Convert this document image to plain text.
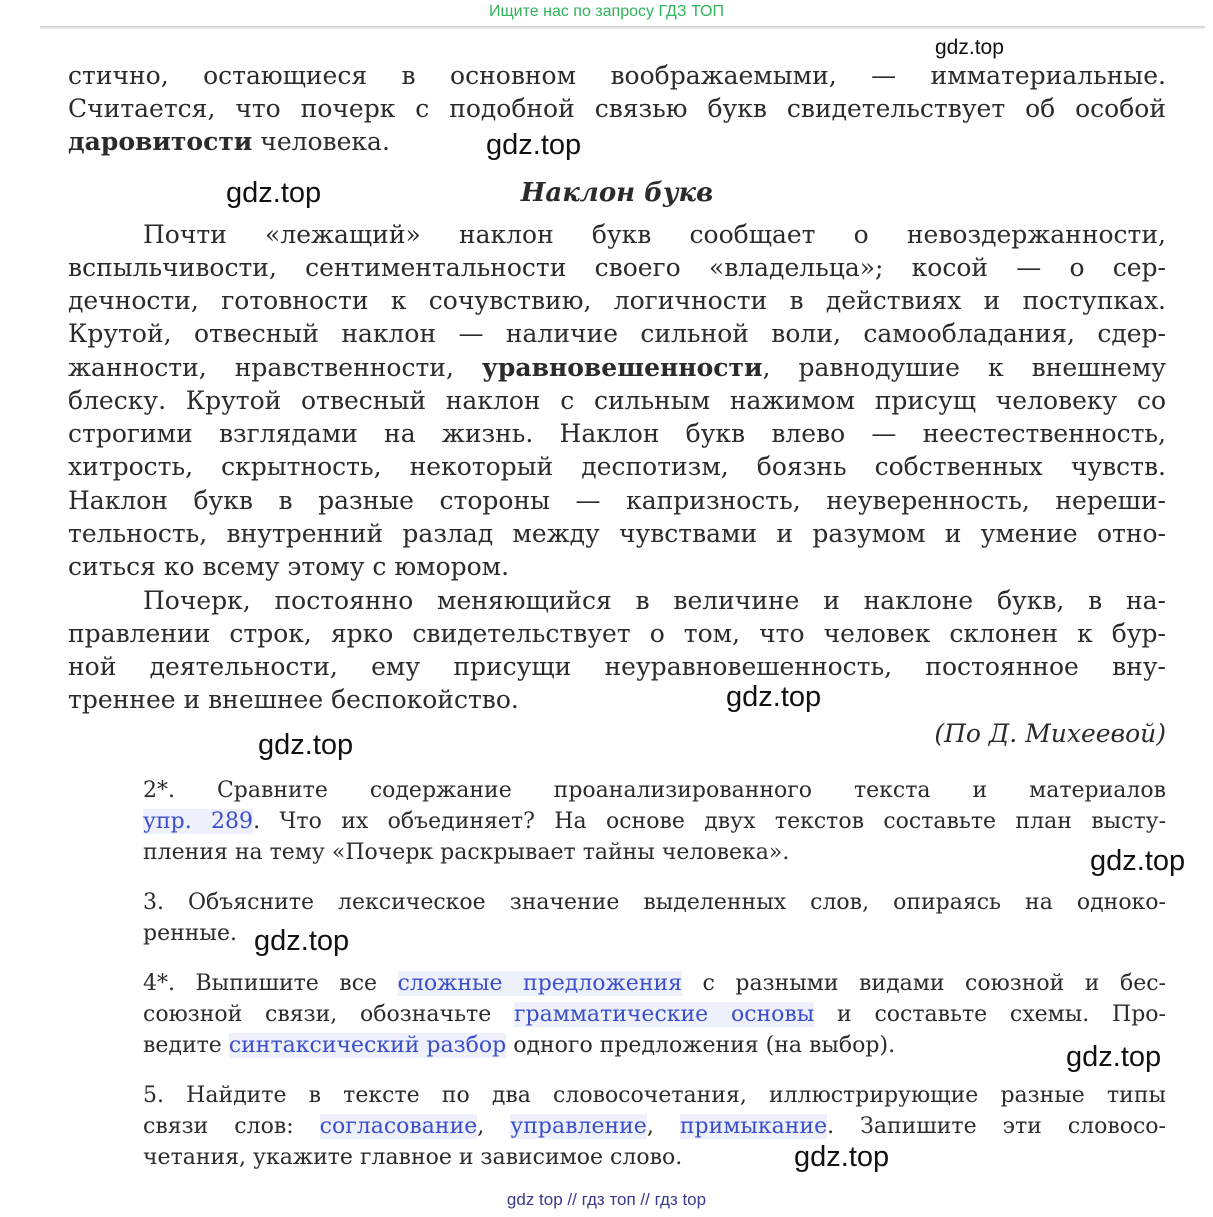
Ищите нас по запросу ГДЗ ТОП
стично, остающиеся в основном воображаемыми, — имматериальные.
Считается, что почерк с подобной связью букв свидетельствует об особой
даровитости человека.
Наклон букв
Почти «лежащий» наклон букв сообщает о невоздержанности,
вспыльчивости, сентиментальности своего «владельца»; косой — о сер-
дечности, готовности к сочувствию, логичности в действиях и поступках.
Крутой, отвесный наклон — наличие сильной воли, самообладания, сдер-
жанности, нравственности, уравновешенности, равнодушие к внешнему
блеску. Крутой отвесный наклон с сильным нажимом присущ человеку со
строгими взглядами на жизнь. Наклон букв влево — неестественность,
хитрость, скрытность, некоторый деспотизм, боязнь собственных чувств.
Наклон букв в разные стороны — капризность, неуверенность, нереши-
тельность, внутренний разлад между чувствами и разумом и умение отно-
ситься ко всему этому с юмором.
Почерк, постоянно меняющийся в величине и наклоне букв, в на-
правлении строк, ярко свидетельствует о том, что человек склонен к бур-
ной деятельности, ему присущи неуравновешенность, постоянное вну-
треннее и внешнее беспокойство.
(По Д. Михеевой)
2*. Сравните содержание проанализированного текста и материалов
упр. 289. Что их объединяет? На основе двух текстов составьте план высту-
пления на тему «Почерк раскрывает тайны человека».
3. Объясните лексическое значение выделенных слов, опираясь на одноко-
ренные.
4*. Выпишите все сложные предложения с разными видами союзной и бес-
союзной связи, обозначьте грамматические основы и составьте схемы. Про-
ведите синтаксический разбор одного предложения (на выбор).
5. Найдите в тексте по два словосочетания, иллюстрирующие разные типы
связи слов: согласование, управление, примыкание. Запишите эти словосо-
четания, укажите главное и зависимое слово.
gdz.top
gdz.top
gdz.top
gdz.top
gdz.top
gdz.top
gdz.top
gdz.top
gdz.top
gdz top // гдз топ // гдз top
